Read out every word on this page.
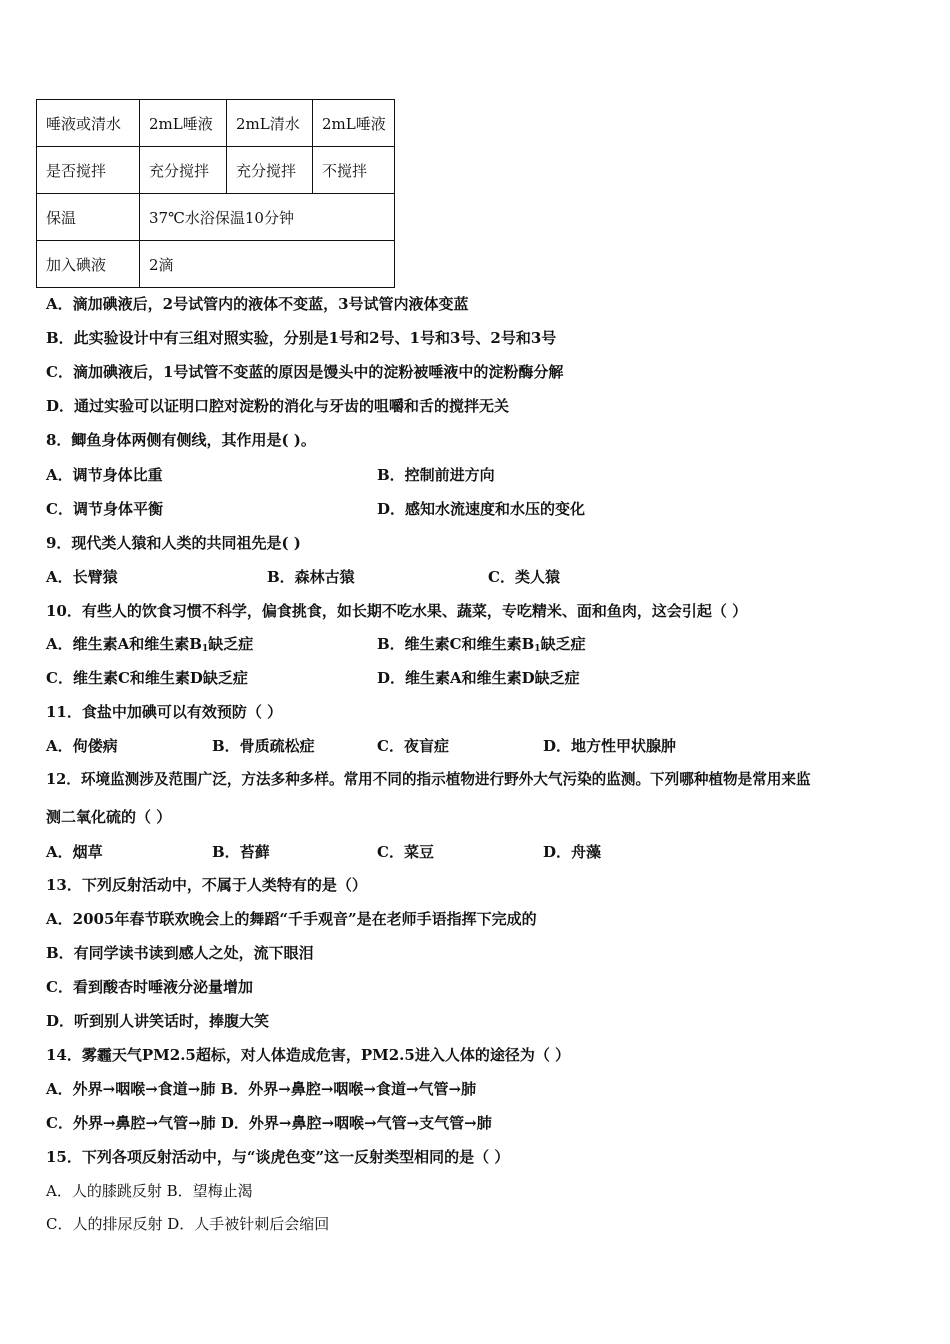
唾液或清水	2mL唾液	2mL清水	2mL唾液
是否搅拌	充分搅拌	充分搅拌	不搅拌
保温	37℃水浴保温10分钟		
加入碘液	2滴		
A．滴加碘液后，2号试管内的液体不变蓝，3号试管内液体变蓝
B．此实验设计中有三组对照实验，分别是1号和2号、1号和3号、2号和3号
C．滴加碘液后，1号试管不变蓝的原因是馒头中的淀粉被唾液中的淀粉酶分解
D．通过实验可以证明口腔对淀粉的消化与牙齿的咀嚼和舌的搅拌无关
8．鲫鱼身体两侧有侧线，其作用是( )。
A．调节身体比重	B．控制前进方向
C．调节身体平衡	D．感知水流速度和水压的变化
9．现代类人猿和人类的共同祖先是( )
A．长臂猿	B．森林古猿	C．类人猿
10．有些人的饮食习惯不科学，偏食挑食，如长期不吃水果、蔬菜，专吃精米、面和鱼肉，这会引起（ ）
A．维生素A和维生素$B_1$缺乏症	B．维生素C和维生素$B_1$缺乏症
C．维生素C和维生素D缺乏症	D．维生素A和维生素D缺乏症
11．食盐中加碘可以有效预防（ ）
A．佝偻病	B．骨质疏松症	C．夜盲症	D．地方性甲状腺肿
12．环境监测涉及范围广泛，方法多种多样。常用不同的指示植物进行野外大气污染的监测。下列哪种植物是常用来监
测二氧化硫的（ ）
A．烟草	B．苔藓	C．菜豆	D．舟藻
13．下列反射活动中，不属于人类特有的是（）
A．2005年春节联欢晚会上的舞蹈“千手观音”是在老师手语指挥下完成的
B．有同学读书读到感人之处，流下眼泪
C．看到酸杏时唾液分泌量增加
D．听到别人讲笑话时，捧腹大笑
14．雾霾天气PM2.5超标，对人体造成危害，PM2.5进入人体的途径为（ ）
A．外界→咽喉→食道→肺 B．外界→鼻腔→咽喉→食道→气管→肺
C．外界→鼻腔→气管→肺 D．外界→鼻腔→咽喉→气管→支气管→肺
15．下列各项反射活动中，与“谈虎色变”这一反射类型相同的是（ ）
A．人的膝跳反射 B．望梅止渴
C．人的排尿反射 D．人手被针刺后会缩回
